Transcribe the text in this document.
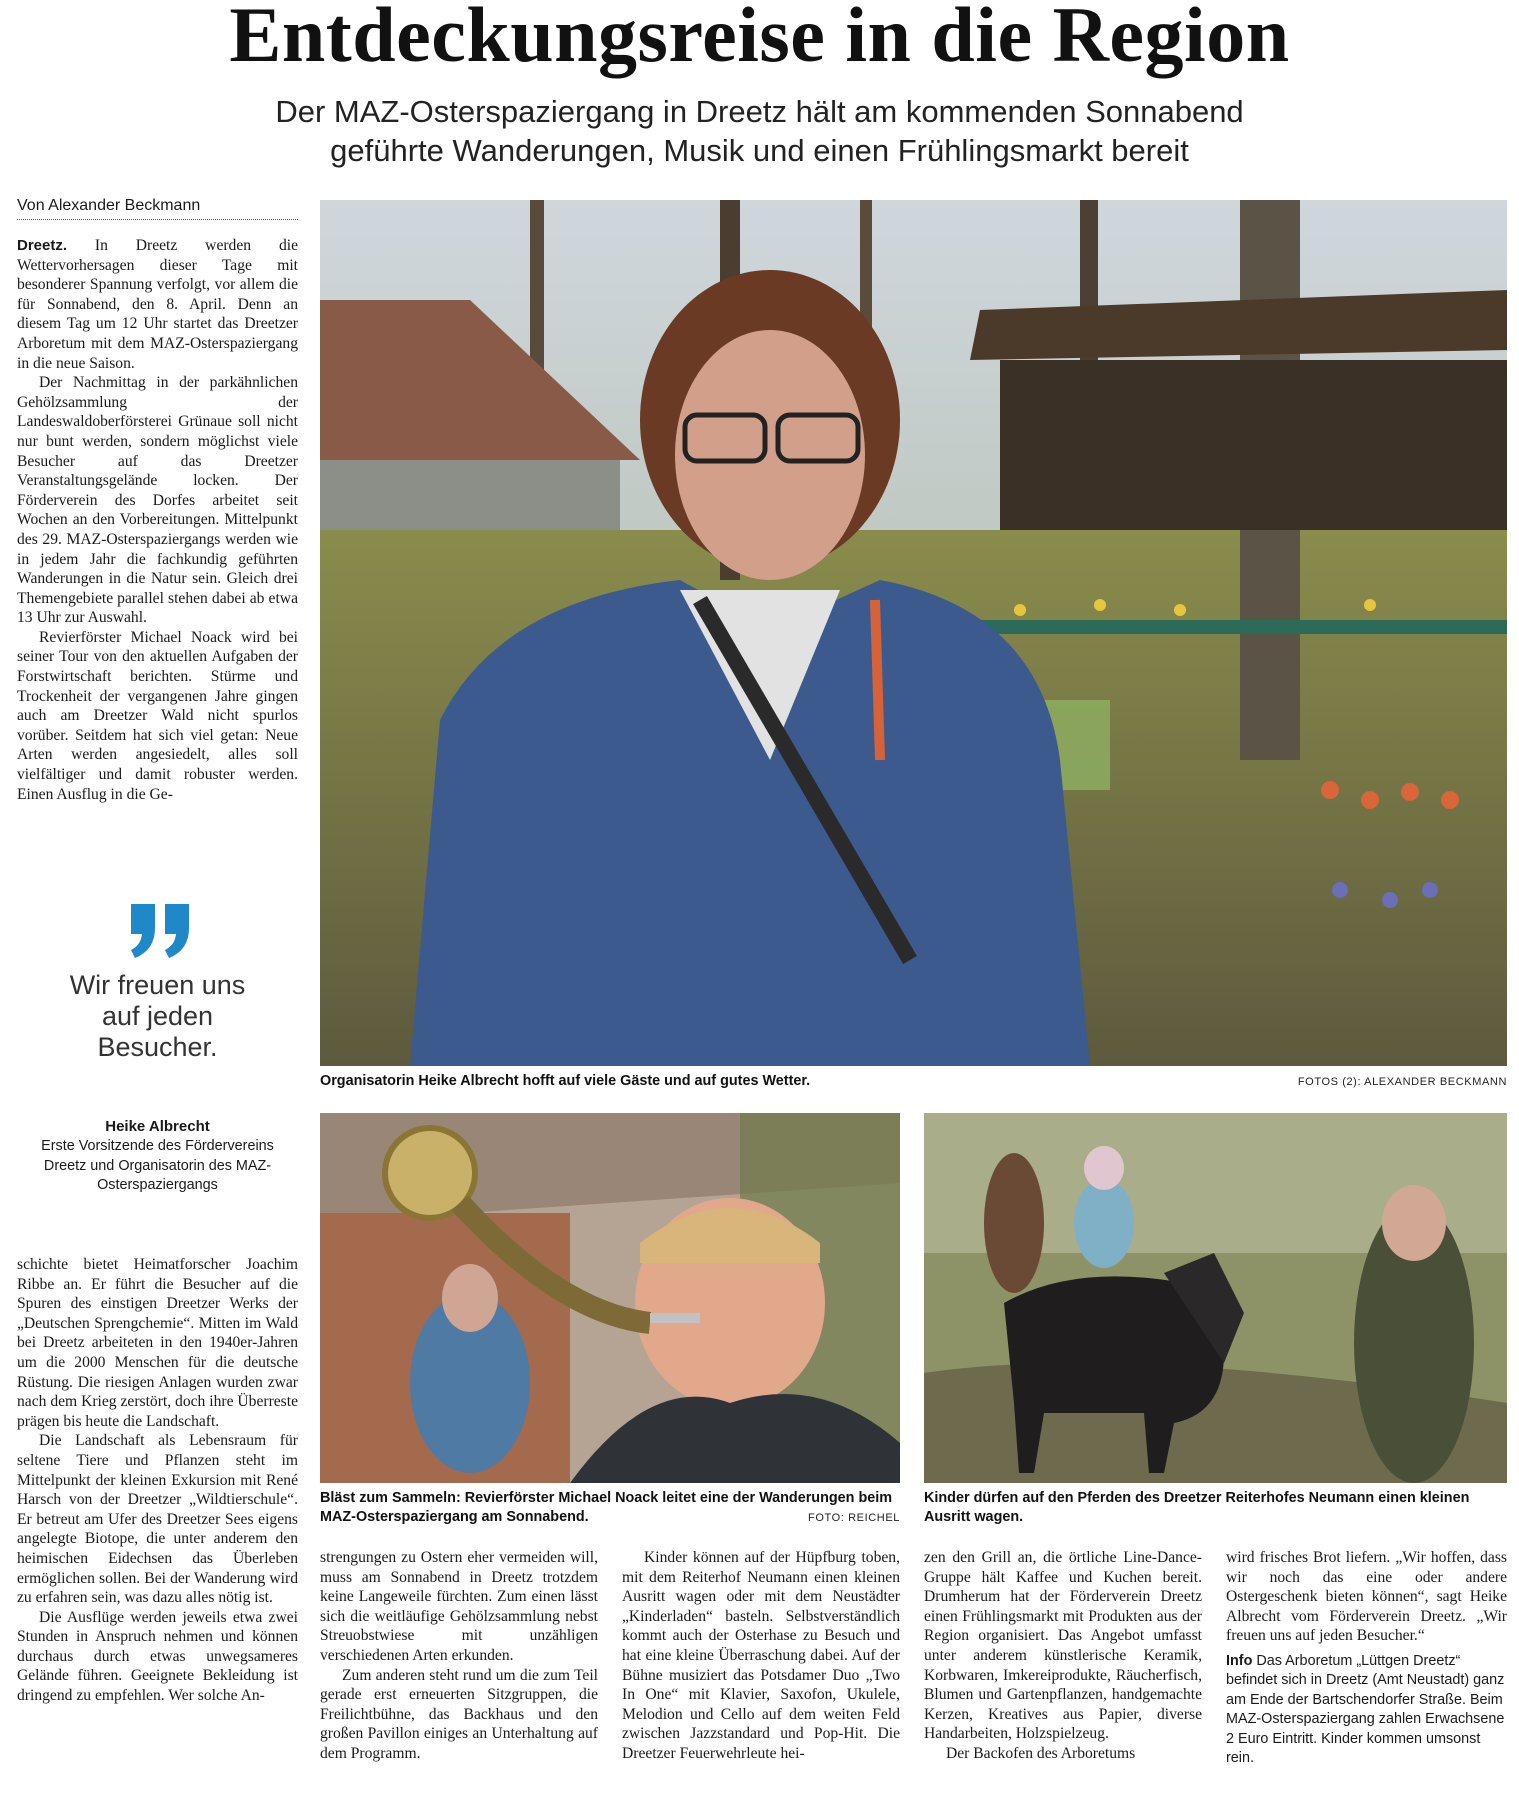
Entdeckungsreise in die Region
Der MAZ-Osterspaziergang in Dreetz hält am kommenden Sonnabend
geführte Wanderungen, Musik und einen Frühlingsmarkt bereit
Von Alexander Beckmann

Dreetz. In Dreetz werden die Wettervorhersagen dieser Tage mit besonderer Spannung verfolgt, vor allem die für Sonnabend, den 8. April. Denn an diesem Tag um 12 Uhr startet das Dreetzer Arboretum mit dem MAZ-Osterspaziergang in die neue Saison.

Der Nachmittag in der parkähnlichen Gehölzsammlung der Landeswaldoberförsterei Grünaue soll nicht nur bunt werden, sondern möglichst viele Besucher auf das Dreetzer Veranstaltungsgelände locken. Der Förderverein des Dorfes arbeitet seit Wochen an den Vorbereitungen. Mittelpunkt des 29. MAZ-Osterspaziergangs werden wie in jedem Jahr die fachkundig geführten Wanderungen in die Natur sein. Gleich drei Themengebiete parallel stehen dabei ab etwa 13 Uhr zur Auswahl.

Revierförster Michael Noack wird bei seiner Tour von den aktuellen Aufgaben der Forstwirtschaft berichten. Stürme und Trockenheit der vergangenen Jahre gingen auch am Dreetzer Wald nicht spurlos vorüber. Seitdem hat sich viel getan: Neue Arten werden angesiedelt, alles soll vielfältiger und damit robuster werden. Einen Ausflug in die Ge-

Wir freuen uns auf jeden Besucher.
Heike Albrecht
Erste Vorsitzende des Fördervereins Dreetz und Organisatorin des MAZ-Osterspaziergangs

schichte bietet Heimatforscher Joachim Ribbe an. Er führt die Besucher auf die Spuren des einstigen Dreetzer Werks der „Deutschen Sprengchemie“. Mitten im Wald bei Dreetz arbeiteten in den 1940er-Jahren um die 2000 Menschen für die deutsche Rüstung. Die riesigen Anlagen wurden zwar nach dem Krieg zerstört, doch ihre Überreste prägen bis heute die Landschaft.

Die Landschaft als Lebensraum für seltene Tiere und Pflanzen steht im Mittelpunkt der kleinen Exkursion mit René Harsch von der Dreetzer „Wildtierschule“. Er betreut am Ufer des Dreetzer Sees eigens angelegte Biotope, die unter anderem den heimischen Eidechsen das Überleben ermöglichen sollen. Bei der Wanderung wird zu erfahren sein, was dazu alles nötig ist.

Die Ausflüge werden jeweils etwa zwei Stunden in Anspruch nehmen und können durchaus durch etwas unwegsameres Gelände führen. Geeignete Bekleidung ist dringend zu empfehlen. Wer solche An-

Organisatorin Heike Albrecht hofft auf viele Gäste und auf gutes Wetter.	FOTOS (2): ALEXANDER BECKMANN
Bläst zum Sammeln: Revierförster Michael Noack leitet eine der Wanderungen beim MAZ-Osterspaziergang am Sonnabend.	FOTO: REICHEL
Kinder dürfen auf den Pferden des Dreetzer Reiterhofes Neumann einen kleinen Ausritt wagen.

strengungen zu Ostern eher vermeiden will, muss am Sonnabend in Dreetz trotzdem keine Langeweile fürchten. Zum einen lässt sich die weitläufige Gehölzsammlung nebst Streuobstwiese mit unzähligen verschiedenen Arten erkunden.

Zum anderen steht rund um die zum Teil gerade erst erneuerten Sitzgruppen, die Freilichtbühne, das Backhaus und den großen Pavillon einiges an Unterhaltung auf dem Programm.

Kinder können auf der Hüpfburg toben, mit dem Reiterhof Neumann einen kleinen Ausritt wagen oder mit dem Neustädter „Kinderladen“ basteln. Selbstverständlich kommt auch der Osterhase zu Besuch und hat eine kleine Überraschung dabei. Auf der Bühne musiziert das Potsdamer Duo „Two In One“ mit Klavier, Saxofon, Ukulele, Melodion und Cello auf dem weiten Feld zwischen Jazzstandard und Pop-Hit. Die Dreetzer Feuerwehrleute hei-

zen den Grill an, die örtliche Line-Dance-Gruppe hält Kaffee und Kuchen bereit. Drumherum hat der Förderverein Dreetz einen Frühlingsmarkt mit Produkten aus der Region organisiert. Das Angebot umfasst unter anderem künstlerische Keramik, Korbwaren, Imkereiprodukte, Räucherfisch, Blumen und Gartenpflanzen, handgemachte Kerzen, Kreatives aus Papier, diverse Handarbeiten, Holzspielzeug.

Der Backofen des Arboretums

wird frisches Brot liefern. „Wir hoffen, dass wir noch das eine oder andere Ostergeschenk bieten können“, sagt Heike Albrecht vom Förderverein Dreetz. „Wir freuen uns auf jeden Besucher.“

Info Das Arboretum „Lüttgen Dreetz“ befindet sich in Dreetz (Amt Neustadt) ganz am Ende der Bartschendorfer Straße. Beim MAZ-Osterspaziergang zahlen Erwachsene 2 Euro Eintritt. Kinder kommen umsonst rein.
